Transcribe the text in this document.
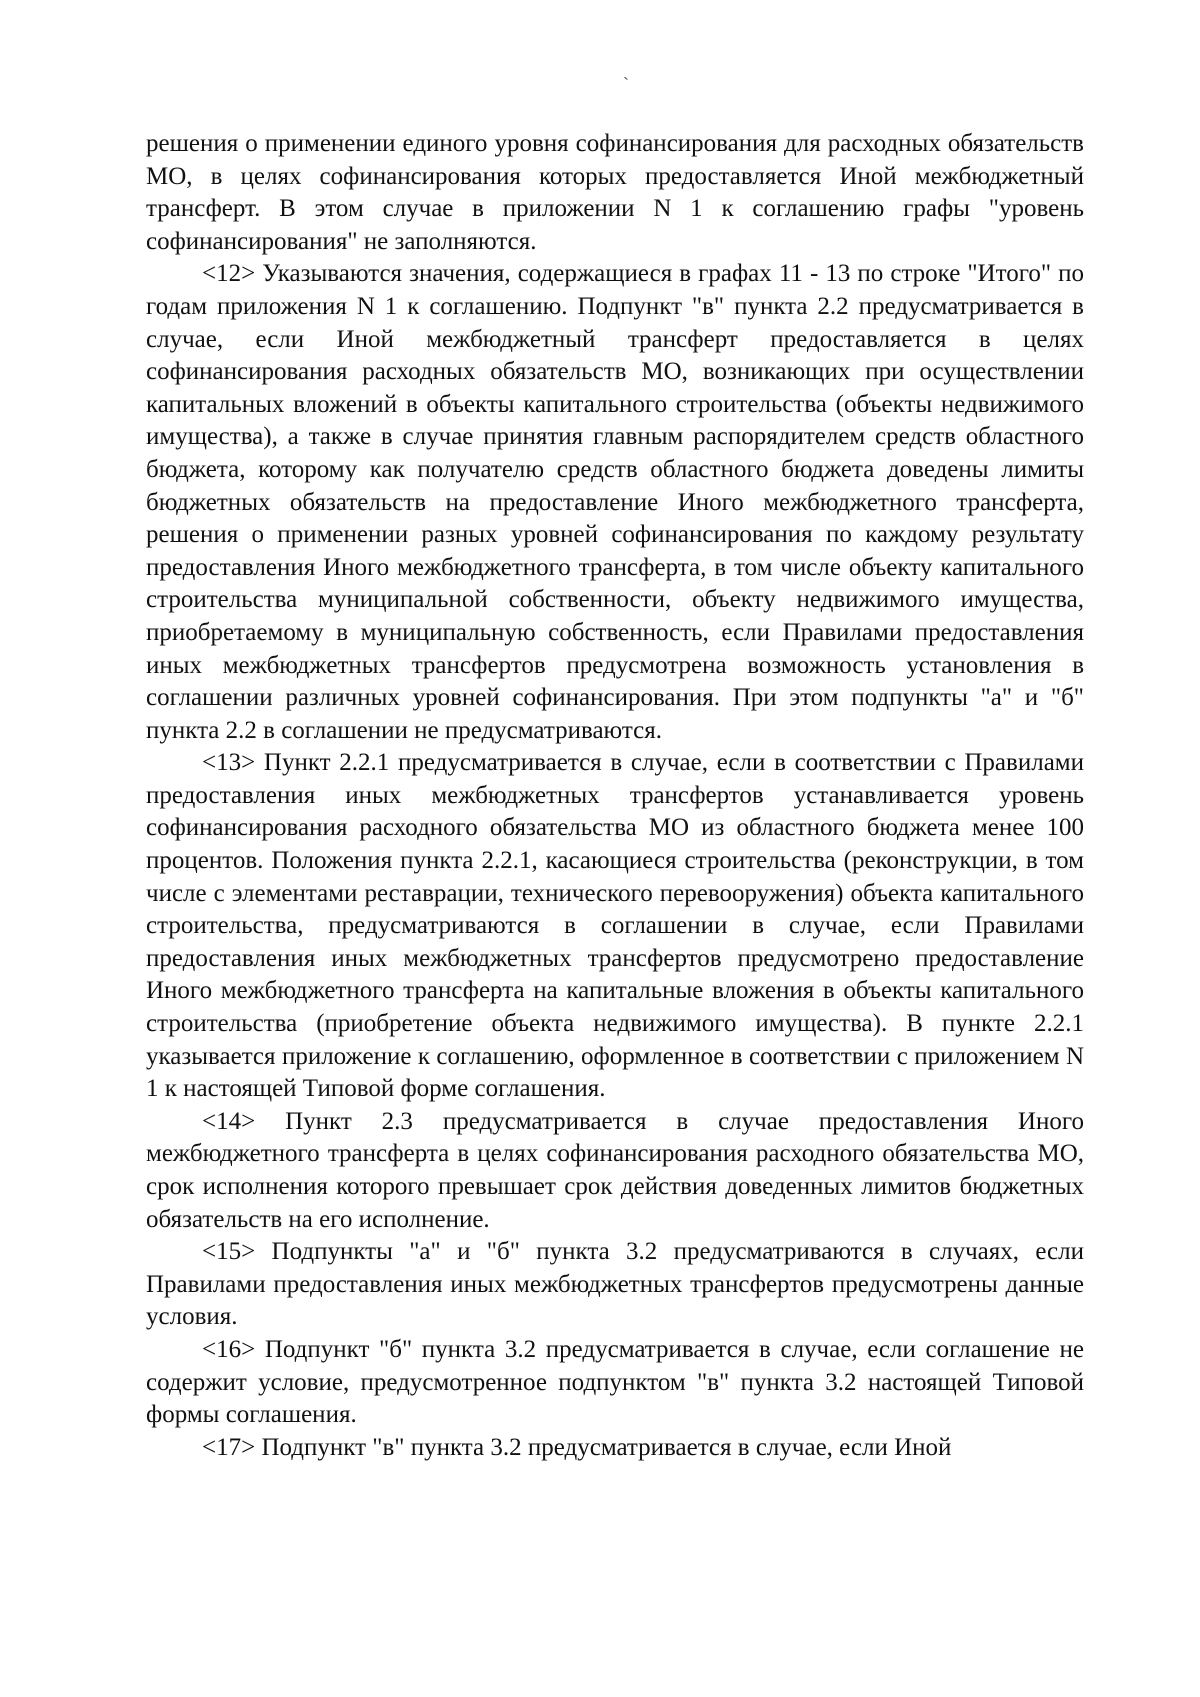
`

решения о применении единого уровня софинансирования для расходных обязательств МО, в целях софинансирования которых предоставляется Иной межбюджетный трансферт. В этом случае в приложении N 1 к соглашению графы "уровень софинансирования" не заполняются.

<12> Указываются значения, содержащиеся в графах 11 - 13 по строке "Итого" по годам приложения N 1 к соглашению. Подпункт "в" пункта 2.2 предусматривается в случае, если Иной межбюджетный трансферт предоставляется в целях софинансирования расходных обязательств МО, возникающих при осуществлении капитальных вложений в объекты капитального строительства (объекты недвижимого имущества), а также в случае принятия главным распорядителем средств областного бюджета, которому как получателю средств областного бюджета доведены лимиты бюджетных обязательств на предоставление Иного межбюджетного трансферта, решения о применении разных уровней софинансирования по каждому результату предоставления Иного межбюджетного трансферта, в том числе объекту капитального строительства муниципальной собственности, объекту недвижимого имущества, приобретаемому в муниципальную собственность, если Правилами предоставления иных межбюджетных трансфертов предусмотрена возможность установления в соглашении различных уровней софинансирования. При этом подпункты "а" и "б" пункта 2.2 в соглашении не предусматриваются.

<13> Пункт 2.2.1 предусматривается в случае, если в соответствии с Правилами предоставления иных межбюджетных трансфертов устанавливается уровень софинансирования расходного обязательства МО из областного бюджета менее 100 процентов. Положения пункта 2.2.1, касающиеся строительства (реконструкции, в том числе с элементами реставрации, технического перевооружения) объекта капитального строительства, предусматриваются в соглашении в случае, если Правилами предоставления иных межбюджетных трансфертов предусмотрено предоставление Иного межбюджетного трансферта на капитальные вложения в объекты капитального строительства (приобретение объекта недвижимого имущества). В пункте 2.2.1 указывается приложение к соглашению, оформленное в соответствии с приложением N 1 к настоящей Типовой форме соглашения.

<14> Пункт 2.3 предусматривается в случае предоставления Иного межбюджетного трансферта в целях софинансирования расходного обязательства МО, срок исполнения которого превышает срок действия доведенных лимитов бюджетных обязательств на его исполнение.

<15> Подпункты "а" и "б" пункта 3.2 предусматриваются в случаях, если Правилами предоставления иных межбюджетных трансфертов предусмотрены данные условия.

<16> Подпункт "б" пункта 3.2 предусматривается в случае, если соглашение не содержит условие, предусмотренное подпунктом "в" пункта 3.2 настоящей Типовой формы соглашения.

<17> Подпункт "в" пункта 3.2 предусматривается в случае, если Иной
